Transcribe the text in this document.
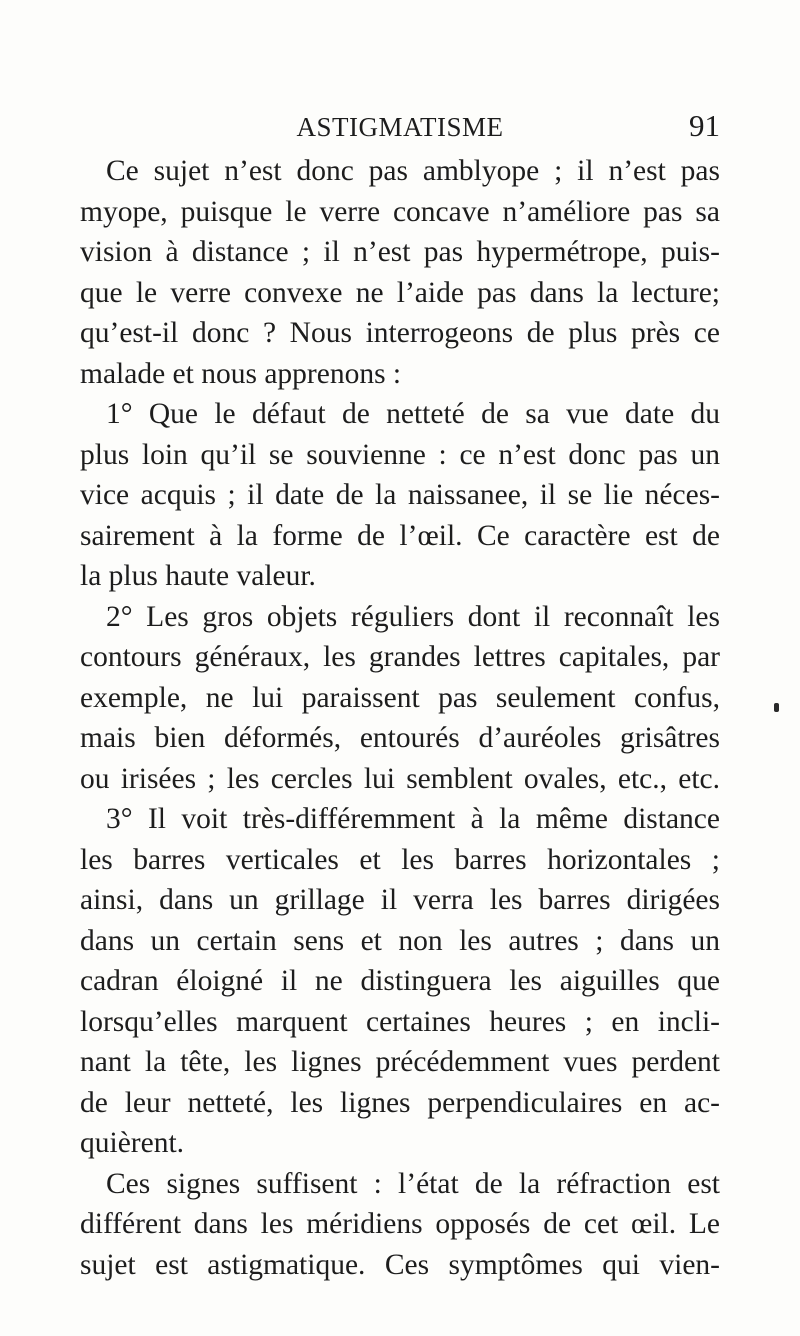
ASTIGMATISME	91
Ce sujet n’est donc pas amblyope ; il n’est pas
myope, puisque le verre concave n’améliore pas sa
vision à distance ; il n’est pas hypermétrope, puis-
que le verre convexe ne l’aide pas dans la lecture;
qu’est-il donc ? Nous interrogeons de plus près ce
malade et nous apprenons :
1° Que le défaut de netteté de sa vue date du
plus loin qu’il se souvienne : ce n’est donc pas un
vice acquis ; il date de la naissanee, il se lie néces-
sairement à la forme de l’œil. Ce caractère est de
la plus haute valeur.
2° Les gros objets réguliers dont il reconnaît les
contours généraux, les grandes lettres capitales, par
exemple, ne lui paraissent pas seulement confus,
mais bien déformés, entourés d’auréoles grisâtres
ou irisées ; les cercles lui semblent ovales, etc., etc.
3° Il voit très-différemment à la même distance
les barres verticales et les barres horizontales ;
ainsi, dans un grillage il verra les barres dirigées
dans un certain sens et non les autres ; dans un
cadran éloigné il ne distinguera les aiguilles que
lorsqu’elles marquent certaines heures ; en incli-
nant la tête, les lignes précédemment vues perdent
de leur netteté, les lignes perpendiculaires en ac-
quièrent.
Ces signes suffisent : l’état de la réfraction est
différent dans les méridiens opposés de cet œil. Le
sujet est astigmatique. Ces symptômes qui vien-
